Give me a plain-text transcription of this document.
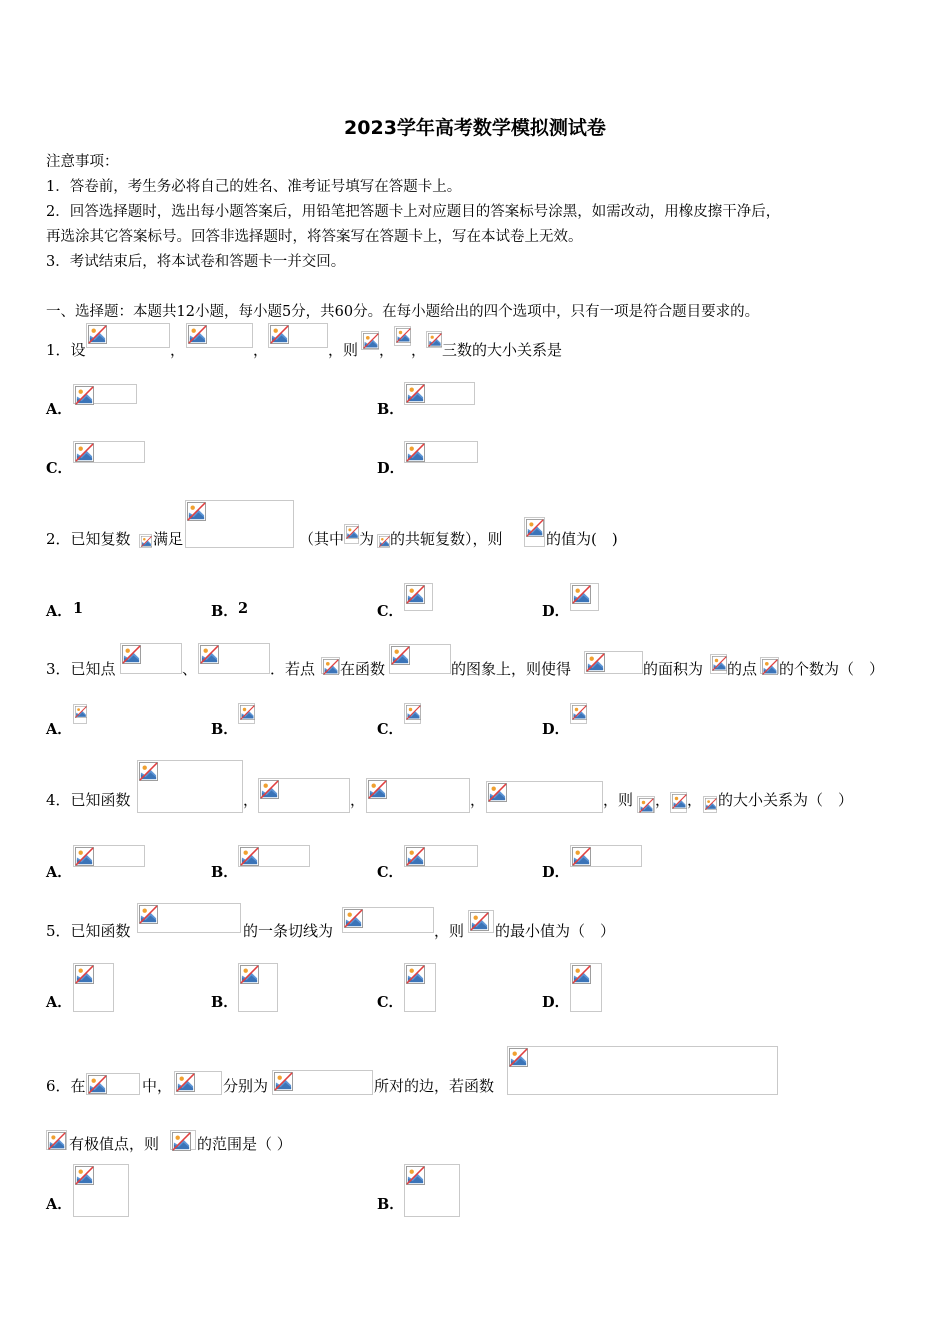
2023学年高考数学模拟测试卷
注意事项：
1．答卷前，考生务必将自己的姓名、准考证号填写在答题卡上。
2．回答选择题时，选出每小题答案后，用铅笔把答题卡上对应题目的答案标号涂黑，如需改动，用橡皮擦干净后，
再选涂其它答案标号。回答非选择题时，将答案写在答题卡上，写在本试卷上无效。
3．考试结束后，将本试卷和答题卡一并交回。
一、选择题：本题共12小题，每小题5分，共60分。在每小题给出的四个选项中，只有一项是符合题目要求的。
1．设	，	，	，则 ， ， 三数的大小关系是
A．	B．
C．	D．
2．已知复数 满足	（其中 为 的共轭复数），则	的值为(　)
A． 1	B． 2	C．	D．
3．已知点	、	．若点 在函数	的图象上，则使得	的面积为 的点 的个数为（　）
A．	B．	C．	D．
4．已知函数	，	，	，	，则 ， ， 的大小关系为（　）
A．	B．	C．	D．
5．已知函数	的一条切线为	，则 的最小值为（　）
A．	B．	C．	D．
6．在	中，	分别为	所对的边，若函数
有极值点，则	的范围是（ ）
A．	B．
